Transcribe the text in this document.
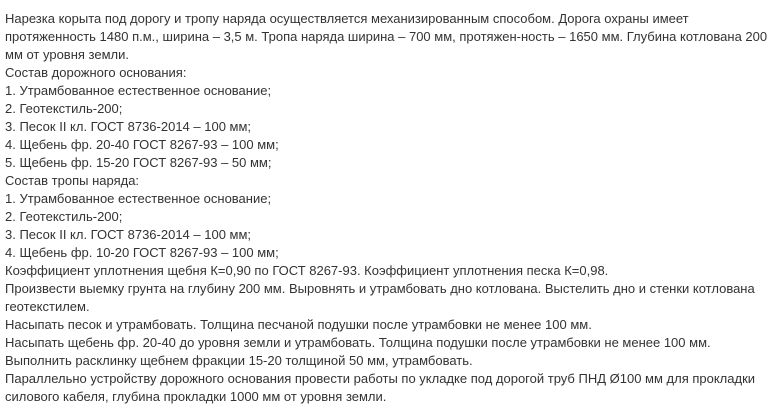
Нарезка корыта под дорогу и тропу наряда осуществляется механизированным способом. Дорога охраны имеет протяженность 1480 п.м., ширина – 3,5 м. Тропа наряда ширина – 700 мм, протяжен-ность – 1650 мм. Глубина котлована 200 мм от уровня земли.

Состав дорожного основания:

1. Утрамбованное естественное основание;

2. Геотекстиль-200;

3. Песок II кл. ГОСТ 8736-2014 – 100 мм;

4. Щебень фр. 20-40 ГОСТ 8267-93 – 100 мм;

5. Щебень фр. 15-20 ГОСТ 8267-93 – 50 мм;

Состав тропы наряда:

1. Утрамбованное естественное основание;

2. Геотекстиль-200;

3. Песок II кл. ГОСТ 8736-2014 – 100 мм;

4. Щебень фр. 10-20 ГОСТ 8267-93 – 100 мм;

Коэффициент уплотнения щебня К=0,90 по ГОСТ 8267-93. Коэффициент уплотнения песка К=0,98.

Произвести выемку грунта на глубину 200 мм. Выровнять и утрамбовать дно котлована. Выстелить дно и стенки котлована геотекстилем.

Насыпать песок и утрамбовать. Толщина песчаной подушки после утрамбовки не менее 100 мм.

Насыпать щебень фр. 20-40 до уровня земли и утрамбовать. Толщина подушки после утрамбовки не менее 100 мм.

Выполнить расклинку щебнем фракции 15-20 толщиной 50 мм, утрамбовать.

Параллельно устройству дорожного основания провести работы по укладке под дорогой труб ПНД Ø100 мм для прокладки силового кабеля, глубина прокладки 1000 мм от уровня земли.
